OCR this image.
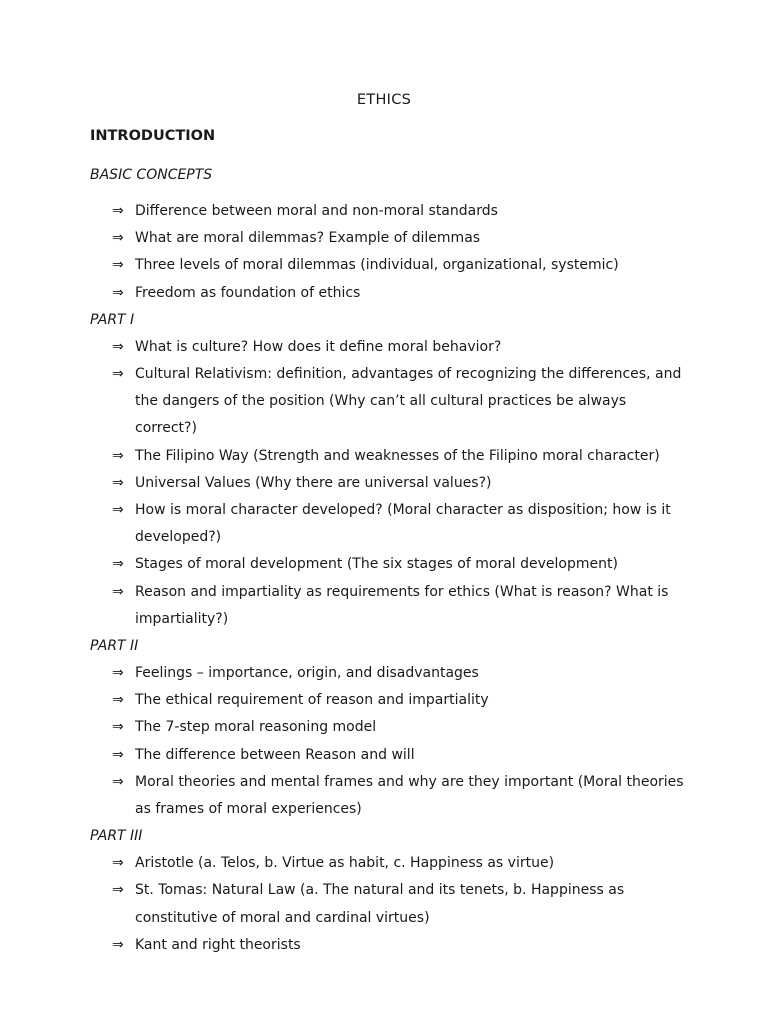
ETHICS
INTRODUCTION
BASIC CONCEPTS
⇒ Difference between moral and non-moral standards
⇒ What are moral dilemmas? Example of dilemmas
⇒ Three levels of moral dilemmas (individual, organizational, systemic)
⇒ Freedom as foundation of ethics
PART I
⇒ What is culture? How does it define moral behavior?
⇒ Cultural Relativism: definition, advantages of recognizing the differences, and the dangers of the position (Why can’t all cultural practices be always correct?)
⇒ The Filipino Way (Strength and weaknesses of the Filipino moral character)
⇒ Universal Values (Why there are universal values?)
⇒ How is moral character developed? (Moral character as disposition; how is it developed?)
⇒ Stages of moral development (The six stages of moral development)
⇒ Reason and impartiality as requirements for ethics (What is reason? What is impartiality?)
PART II
⇒ Feelings – importance, origin, and disadvantages
⇒ The ethical requirement of reason and impartiality
⇒ The 7-step moral reasoning model
⇒ The difference between Reason and will
⇒ Moral theories and mental frames and why are they important (Moral theories as frames of moral experiences)
PART III
⇒ Aristotle (a. Telos, b. Virtue as habit, c. Happiness as virtue)
⇒ St. Tomas: Natural Law (a. The natural and its tenets, b. Happiness as constitutive of moral and cardinal virtues)
⇒ Kant and right theorists
